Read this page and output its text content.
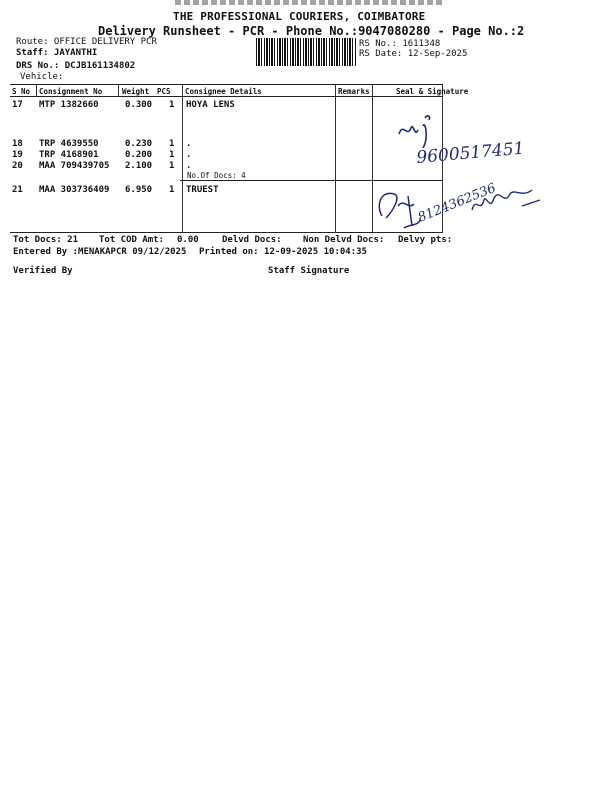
THE PROFESSIONAL COURIERS, COIMBATORE
Delivery Runsheet - PCR - Phone No.:9047080280 - Page No.:2
Route: OFFICE DELIVERY PCR
Staff: JAYANTHI
DRS No.: DCJB161134802
Vehicle:
RS No.: 1611348
RS Date: 12-Sep-2025
S No Consignment No	Weight PCS Consignee Details	Remarks	Seal & Signature
17 MTP 1382660	0.300 1 HOYA LENS
18 TRP 4639550	0.230 1 .
19 TRP 4168901	0.200 1 .
20 MAA 709439705 2.100 1 .
No.Of Docs: 4
21 MAA 303736409 6.950 1 TRUEST
9600517451
8124362536
Tot Docs: 21 Tot COD Amt: 0.00	Delvd Docs: Non Delvd Docs: Delvy pts:
Entered By :MENAKAPCR 09/12/2025 Printed on: 12-09-2025 10:04:35
Verified By	Staff Signature
